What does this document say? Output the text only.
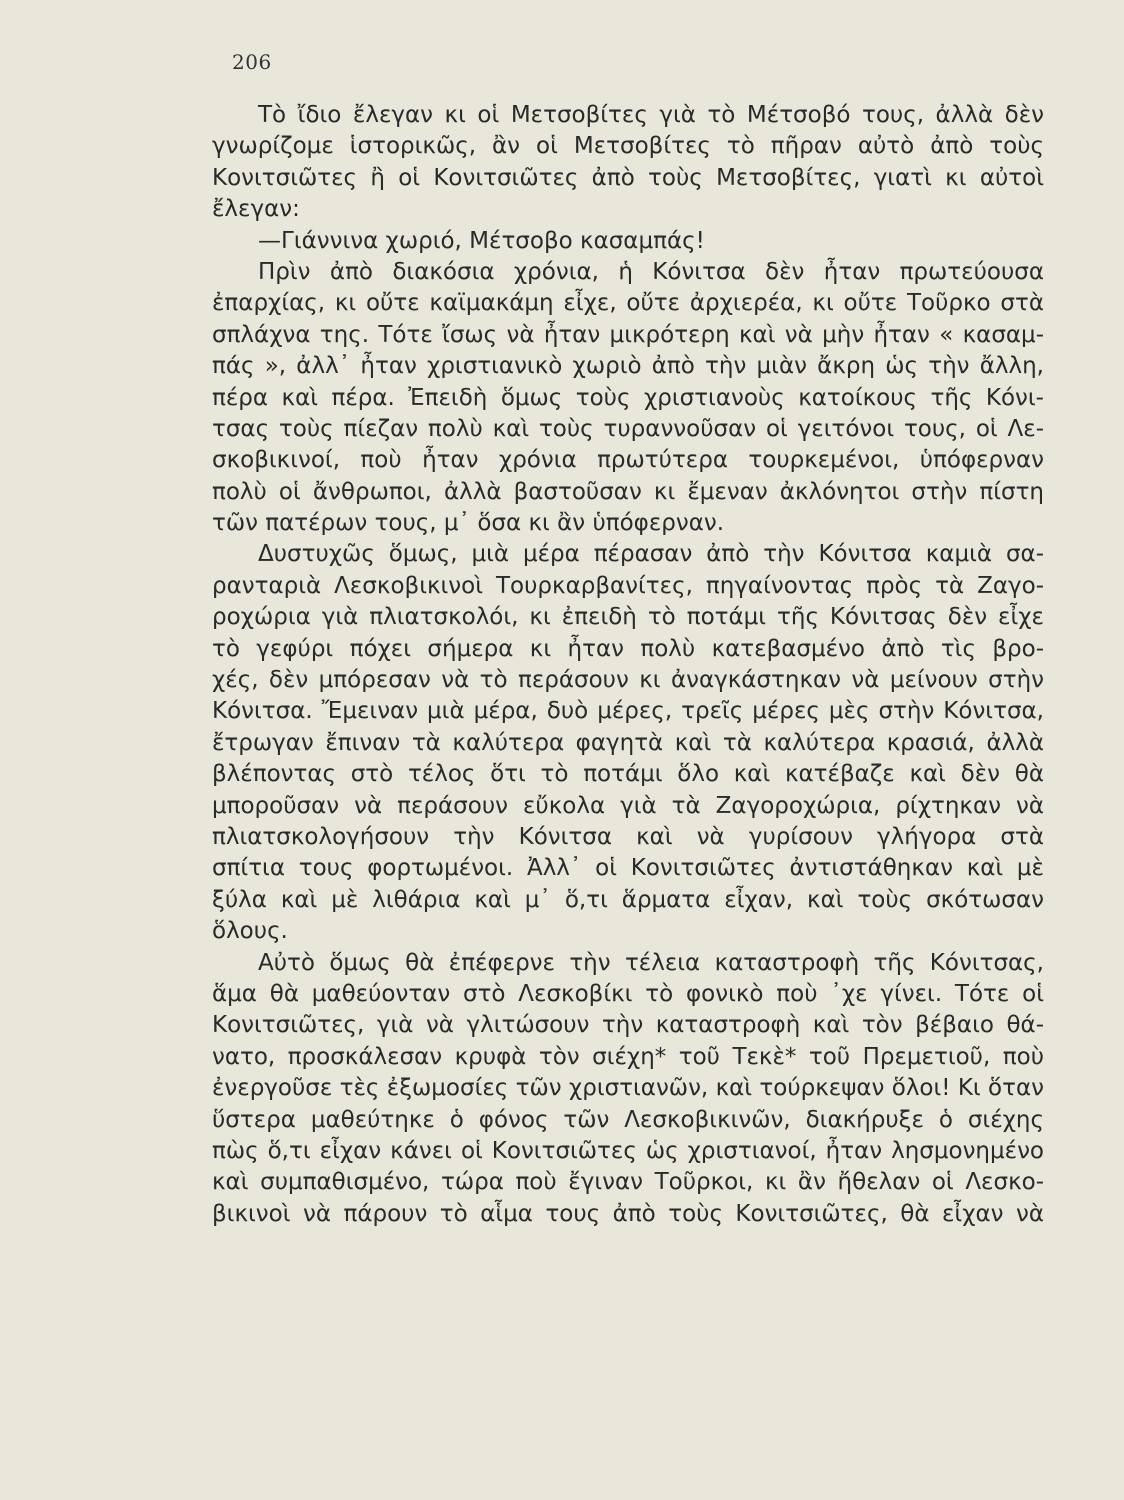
206
Τὸ ἴδιο ἔλεγαν κι οἱ Μετσοβίτες γιὰ τὸ Μέτσοβό τους, ἀλλὰ δὲν
γνωρίζομε ἱστορικῶς, ἂν οἱ Μετσοβίτες τὸ πῆραν αὐτὸ ἀπὸ τοὺς
Κονιτσιῶτες ἢ οἱ Κονιτσιῶτες ἀπὸ τοὺς Μετσοβίτες, γιατὶ κι αὐτοὶ
ἔλεγαν:
—Γιάννινα χωριό, Μέτσοβο κασαμπάς!
Πρὶν ἀπὸ διακόσια χρόνια, ἡ Κόνιτσα δὲν ἦταν πρωτεύουσα
ἐπαρχίας, κι οὔτε καϊμακάμη εἶχε, οὔτε ἀρχιερέα, κι οὔτε Τοῦρκο στὰ
σπλάχνα της. Τότε ἴσως νὰ ἦταν μικρότερη καὶ νὰ μὴν ἦταν « κασαμ-
πάς », ἀλλ᾽ ἦταν χριστιανικὸ χωριὸ ἀπὸ τὴν μιὰν ἄκρη ὡς τὴν ἄλλη,
πέρα καὶ πέρα. Ἐπειδὴ ὅμως τοὺς χριστιανοὺς κατοίκους τῆς Κόνι-
τσας τοὺς πίεζαν πολὺ καὶ τοὺς τυραννοῦσαν οἱ γειτόνοι τους, οἱ Λε-
σκοβικινοί, ποὺ ἦταν χρόνια πρωτύτερα τουρκεμένοι, ὑπόφερναν
πολὺ οἱ ἄνθρωποι, ἀλλὰ βαστοῦσαν κι ἔμεναν ἀκλόνητοι στὴν πίστη
τῶν πατέρων τους, μ᾽ ὅσα κι ἂν ὑπόφερναν.
Δυστυχῶς ὅμως, μιὰ μέρα πέρασαν ἀπὸ τὴν Κόνιτσα καμιὰ σα-
ρανταριὰ Λεσκοβικινοὶ Τουρκαρβανίτες, πηγαίνοντας πρὸς τὰ Ζαγο-
ροχώρια γιὰ πλιατσκολόι, κι ἐπειδὴ τὸ ποτάμι τῆς Κόνιτσας δὲν εἶχε
τὸ γεφύρι πόχει σήμερα κι ἦταν πολὺ κατεβασμένο ἀπὸ τὶς βρο-
χές, δὲν μπόρεσαν νὰ τὸ περάσουν κι ἀναγκάστηκαν νὰ μείνουν στὴν
Κόνιτσα. Ἔμειναν μιὰ μέρα, δυὸ μέρες, τρεῖς μέρες μὲς στὴν Κόνιτσα,
ἔτρωγαν ἔπιναν τὰ καλύτερα φαγητὰ καὶ τὰ καλύτερα κρασιά, ἀλλὰ
βλέποντας στὸ τέλος ὅτι τὸ ποτάμι ὅλο καὶ κατέβαζε καὶ δὲν θὰ
μποροῦσαν νὰ περάσουν εὔκολα γιὰ τὰ Ζαγοροχώρια, ρίχτηκαν νὰ
πλιατσκολογήσουν τὴν Κόνιτσα καὶ νὰ γυρίσουν γλήγορα στὰ
σπίτια τους φορτωμένοι. Ἀλλ᾽ οἱ Κονιτσιῶτες ἀντιστάθηκαν καὶ μὲ
ξύλα καὶ μὲ λιθάρια καὶ μ᾽ ὅ,τι ἅρματα εἶχαν, καὶ τοὺς σκότωσαν
ὅλους.
Αὐτὸ ὅμως θὰ ἐπέφερνε τὴν τέλεια καταστροφὴ τῆς Κόνιτσας,
ἅμα θὰ μαθεύονταν στὸ Λεσκοβίκι τὸ φονικὸ ποὺ ᾽χε γίνει. Τότε οἱ
Κονιτσιῶτες, γιὰ νὰ γλιτώσουν τὴν καταστροφὴ καὶ τὸν βέβαιο θά-
νατο, προσκάλεσαν κρυφὰ τὸν σιέχη* τοῦ Τεκὲ* τοῦ Πρεμετιοῦ, ποὺ
ἐνεργοῦσε τὲς ἐξωμοσίες τῶν χριστιανῶν, καὶ τούρκεψαν ὅλοι! Κι ὅταν
ὕστερα μαθεύτηκε ὁ φόνος τῶν Λεσκοβικινῶν, διακήρυξε ὁ σιέχης
πὼς ὅ,τι εἶχαν κάνει οἱ Κονιτσιῶτες ὡς χριστιανοί, ἦταν λησμονημένο
καὶ συμπαθισμένο, τώρα ποὺ ἔγιναν Τοῦρκοι, κι ἂν ἤθελαν οἱ Λεσκο-
βικινοὶ νὰ πάρουν τὸ αἷμα τους ἀπὸ τοὺς Κονιτσιῶτες, θὰ εἶχαν νὰ
